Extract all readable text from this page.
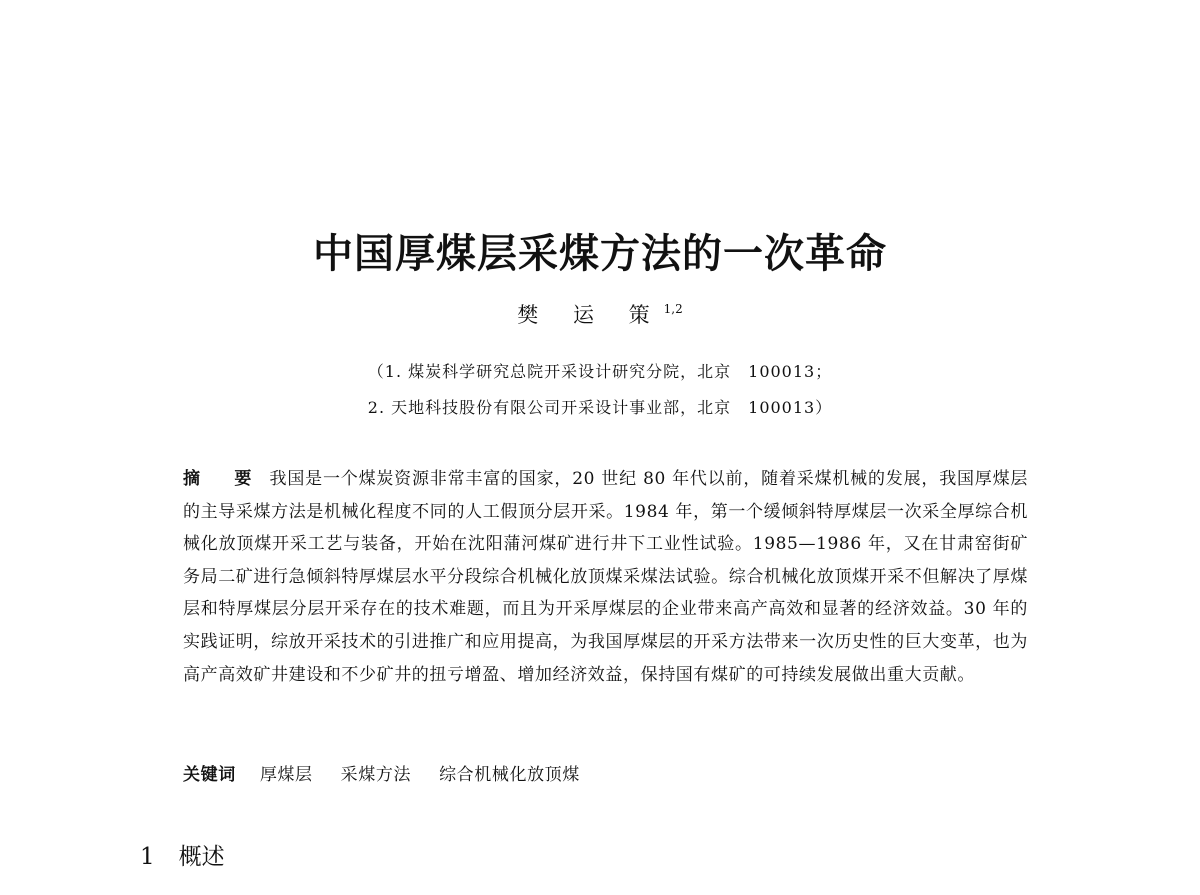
中国厚煤层采煤方法的一次革命
樊 运 策$^{1,2}$
（1. 煤炭科学研究总院开采设计研究分院，北京　100013；
2. 天地科技股份有限公司开采设计事业部，北京　100013）
摘 要 我国是一个煤炭资源非常丰富的国家，20 世纪 80 年代以前，随着采煤机械的发展，我国厚煤层的主导采煤方法是机械化程度不同的人工假顶分层开采。1984 年，第一个缓倾斜特厚煤层一次采全厚综合机械化放顶煤开采工艺与装备，开始在沈阳蒲河煤矿进行井下工业性试验。1985—1986 年，又在甘肃窑街矿务局二矿进行急倾斜特厚煤层水平分段综合机械化放顶煤采煤法试验。综合机械化放顶煤开采不但解决了厚煤层和特厚煤层分层开采存在的技术难题，而且为开采厚煤层的企业带来高产高效和显著的经济效益。30 年的实践证明，综放开采技术的引进推广和应用提高，为我国厚煤层的开采方法带来一次历史性的巨大变革，也为高产高效矿井建设和不少矿井的扭亏增盈、增加经济效益，保持国有煤矿的可持续发展做出重大贡献。
关键词 厚煤层 采煤方法 综合机械化放顶煤
1 概述
